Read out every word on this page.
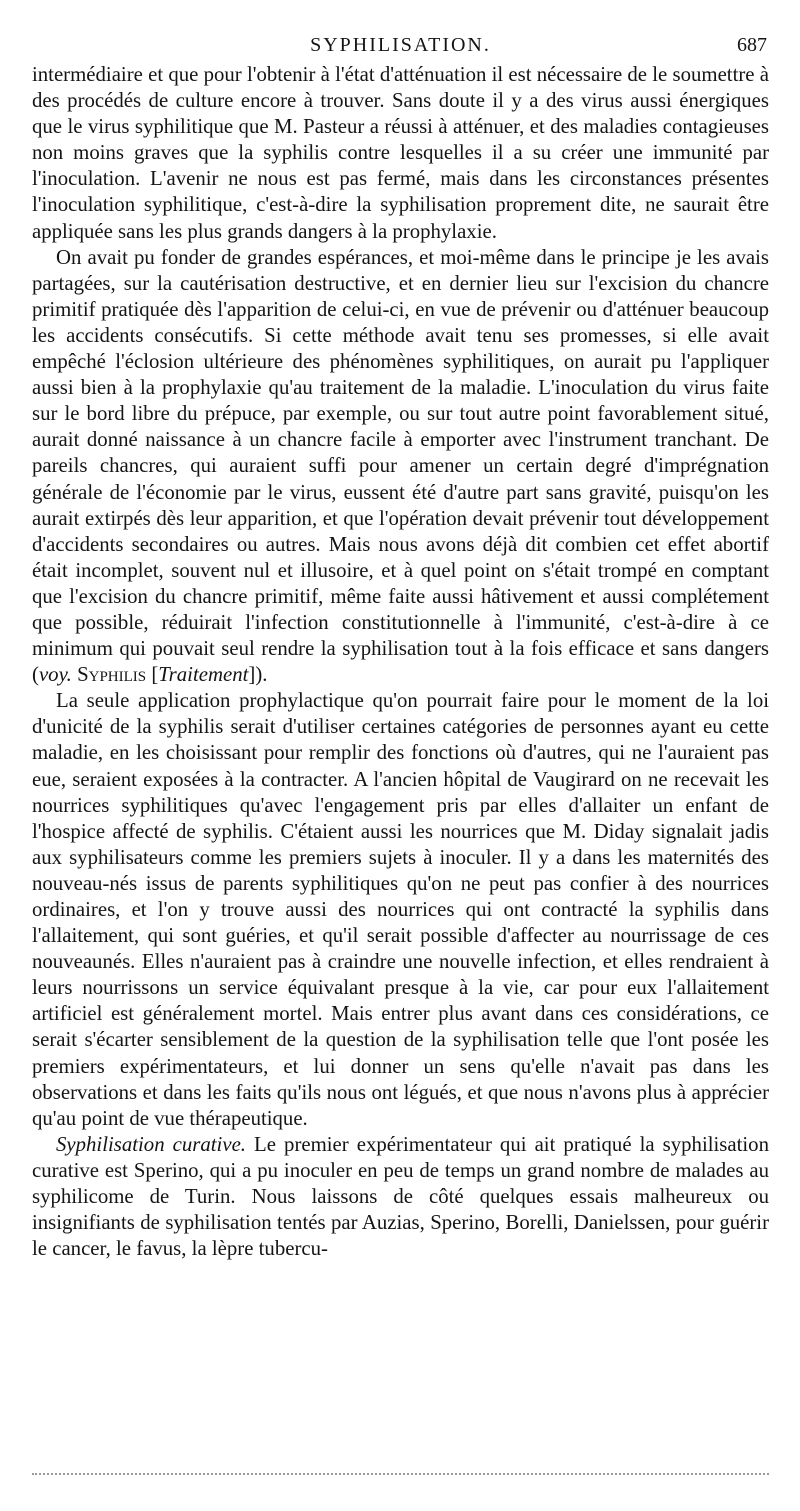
SYPHILISATION.	687

intermédiaire et que pour l'obtenir à l'état d'atténuation il est nécessaire de le soumettre à des procédés de culture encore à trouver. Sans doute il y a des virus aussi énergiques que le virus syphilitique que M. Pasteur a réussi à atténuer, et des maladies contagieuses non moins graves que la syphilis contre lesquelles il a su créer une immunité par l'inoculation. L'avenir ne nous est pas fermé, mais dans les circonstances présentes l'inoculation syphilitique, c'est-à-dire la syphilisation proprement dite, ne saurait être appliquée sans les plus grands dangers à la prophylaxie.

On avait pu fonder de grandes espérances, et moi-même dans le principe je les avais partagées, sur la cautérisation destructive, et en dernier lieu sur l'excision du chancre primitif pratiquée dès l'apparition de celui-ci, en vue de prévenir ou d'atténuer beaucoup les accidents consécutifs. Si cette méthode avait tenu ses promesses, si elle avait empêché l'éclosion ultérieure des phénomènes syphilitiques, on aurait pu l'appliquer aussi bien à la prophylaxie qu'au traitement de la maladie. L'inoculation du virus faite sur le bord libre du prépuce, par exemple, ou sur tout autre point favorablement situé, aurait donné naissance à un chancre facile à emporter avec l'instrument tranchant. De pareils chancres, qui auraient suffi pour amener un certain degré d'imprégnation générale de l'économie par le virus, eussent été d'autre part sans gravité, puisqu'on les aurait extirpés dès leur apparition, et que l'opération devait prévenir tout développement d'accidents secondaires ou autres. Mais nous avons déjà dit combien cet effet abortif était incomplet, souvent nul et illusoire, et à quel point on s'était trompé en comptant que l'excision du chancre primitif, même faite aussi hâtivement et aussi complétement que possible, réduirait l'infection constitutionnelle à l'immunité, c'est-à-dire à ce minimum qui pouvait seul rendre la syphilisation tout à la fois efficace et sans dangers (voy. Syphilis [Traitement]).

La seule application prophylactique qu'on pourrait faire pour le moment de la loi d'unicité de la syphilis serait d'utiliser certaines catégories de personnes ayant eu cette maladie, en les choisissant pour remplir des fonctions où d'autres, qui ne l'auraient pas eue, seraient exposées à la contracter. A l'ancien hôpital de Vaugirard on ne recevait les nourrices syphilitiques qu'avec l'engagement pris par elles d'allaiter un enfant de l'hospice affecté de syphilis. C'étaient aussi les nourrices que M. Diday signalait jadis aux syphilisateurs comme les premiers sujets à inoculer. Il y a dans les maternités des nouveau-nés issus de parents syphilitiques qu'on ne peut pas confier à des nourrices ordinaires, et l'on y trouve aussi des nourrices qui ont contracté la syphilis dans l'allaitement, qui sont guéries, et qu'il serait possible d'affecter au nourrissage de ces nouveaunés. Elles n'auraient pas à craindre une nouvelle infection, et elles rendraient à leurs nourrissons un service équivalant presque à la vie, car pour eux l'allaitement artificiel est généralement mortel. Mais entrer plus avant dans ces considérations, ce serait s'écarter sensiblement de la question de la syphilisation telle que l'ont posée les premiers expérimentateurs, et lui donner un sens qu'elle n'avait pas dans les observations et dans les faits qu'ils nous ont légués, et que nous n'avons plus à apprécier qu'au point de vue thérapeutique.

Syphilisation curative. Le premier expérimentateur qui ait pratiqué la syphilisation curative est Sperino, qui a pu inoculer en peu de temps un grand nombre de malades au syphilicome de Turin. Nous laissons de côté quelques essais malheureux ou insignifiants de syphilisation tentés par Auzias, Sperino, Borelli, Danielssen, pour guérir le cancer, le favus, la lèpre tubercu-
